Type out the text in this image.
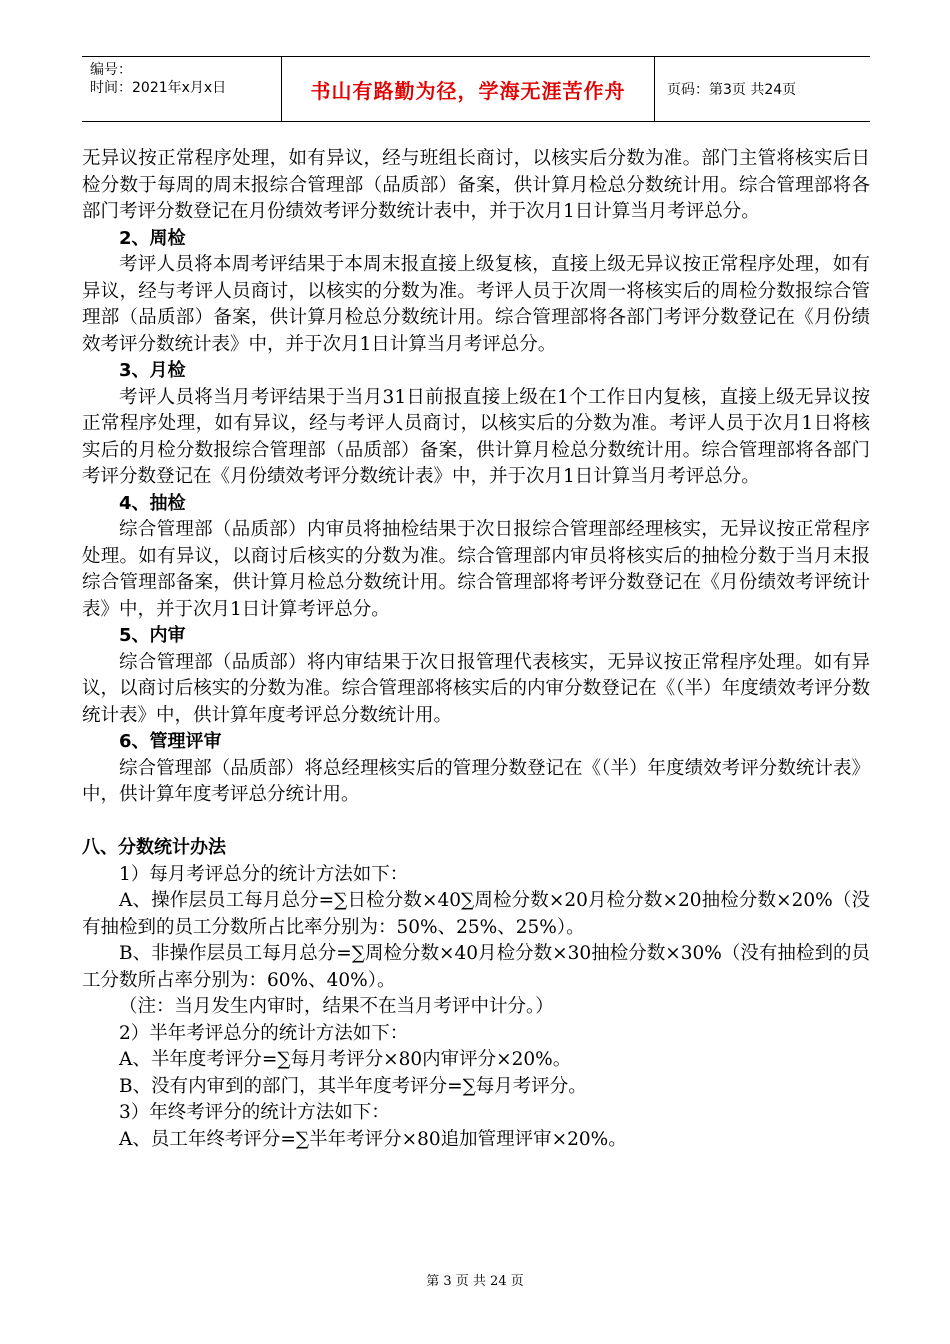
编号：
时间：2021年x月x日	书山有路勤为径，学海无涯苦作舟	页码：第3页 共24页

无异议按正常程序处理，如有异议，经与班组长商讨，以核实后分数为准。部门主管将核实后日检分数于每周的周末报综合管理部（品质部）备案，供计算月检总分数统计用。综合管理部将各部门考评分数登记在月份绩效考评分数统计表中，并于次月1日计算当月考评总分。

2、周检

考评人员将本周考评结果于本周末报直接上级复核，直接上级无异议按正常程序处理，如有异议，经与考评人员商讨，以核实的分数为准。考评人员于次周一将核实后的周检分数报综合管理部（品质部）备案，供计算月检总分数统计用。综合管理部将各部门考评分数登记在《月份绩效考评分数统计表》中，并于次月1日计算当月考评总分。

3、月检

考评人员将当月考评结果于当月31日前报直接上级在1个工作日内复核，直接上级无异议按正常程序处理，如有异议，经与考评人员商讨，以核实后的分数为准。考评人员于次月1日将核实后的月检分数报综合管理部（品质部）备案，供计算月检总分数统计用。综合管理部将各部门考评分数登记在《月份绩效考评分数统计表》中，并于次月1日计算当月考评总分。

4、抽检

综合管理部（品质部）内审员将抽检结果于次日报综合管理部经理核实，无异议按正常程序处理。如有异议，以商讨后核实的分数为准。综合管理部内审员将核实后的抽检分数于当月末报综合管理部备案，供计算月检总分数统计用。综合管理部将考评分数登记在《月份绩效考评统计表》中，并于次月1日计算考评总分。

5、内审

综合管理部（品质部）将内审结果于次日报管理代表核实，无异议按正常程序处理。如有异议，以商讨后核实的分数为准。综合管理部将核实后的内审分数登记在《（半）年度绩效考评分数统计表》中，供计算年度考评总分数统计用。

6、管理评审

综合管理部（品质部）将总经理核实后的管理分数登记在《（半）年度绩效考评分数统计表》中，供计算年度考评总分统计用。

八、分数统计办法

1）每月考评总分的统计方法如下：

A、操作层员工每月总分=∑日检分数×40∑周检分数×20月检分数×20抽检分数×20%（没有抽检到的员工分数所占比率分别为：50%、25%、25%）。

B、非操作层员工每月总分=∑周检分数×40月检分数×30抽检分数×30%（没有抽检到的员工分数所占率分别为：60%、40%）。

（注：当月发生内审时，结果不在当月考评中计分。）

2）半年考评总分的统计方法如下：

A、半年度考评分=∑每月考评分×80内审评分×20%。

B、没有内审到的部门，其半年度考评分=∑每月考评分。

3）年终考评分的统计方法如下：

A、员工年终考评分=∑半年考评分×80追加管理评审×20%。

第 3 页 共 24 页
